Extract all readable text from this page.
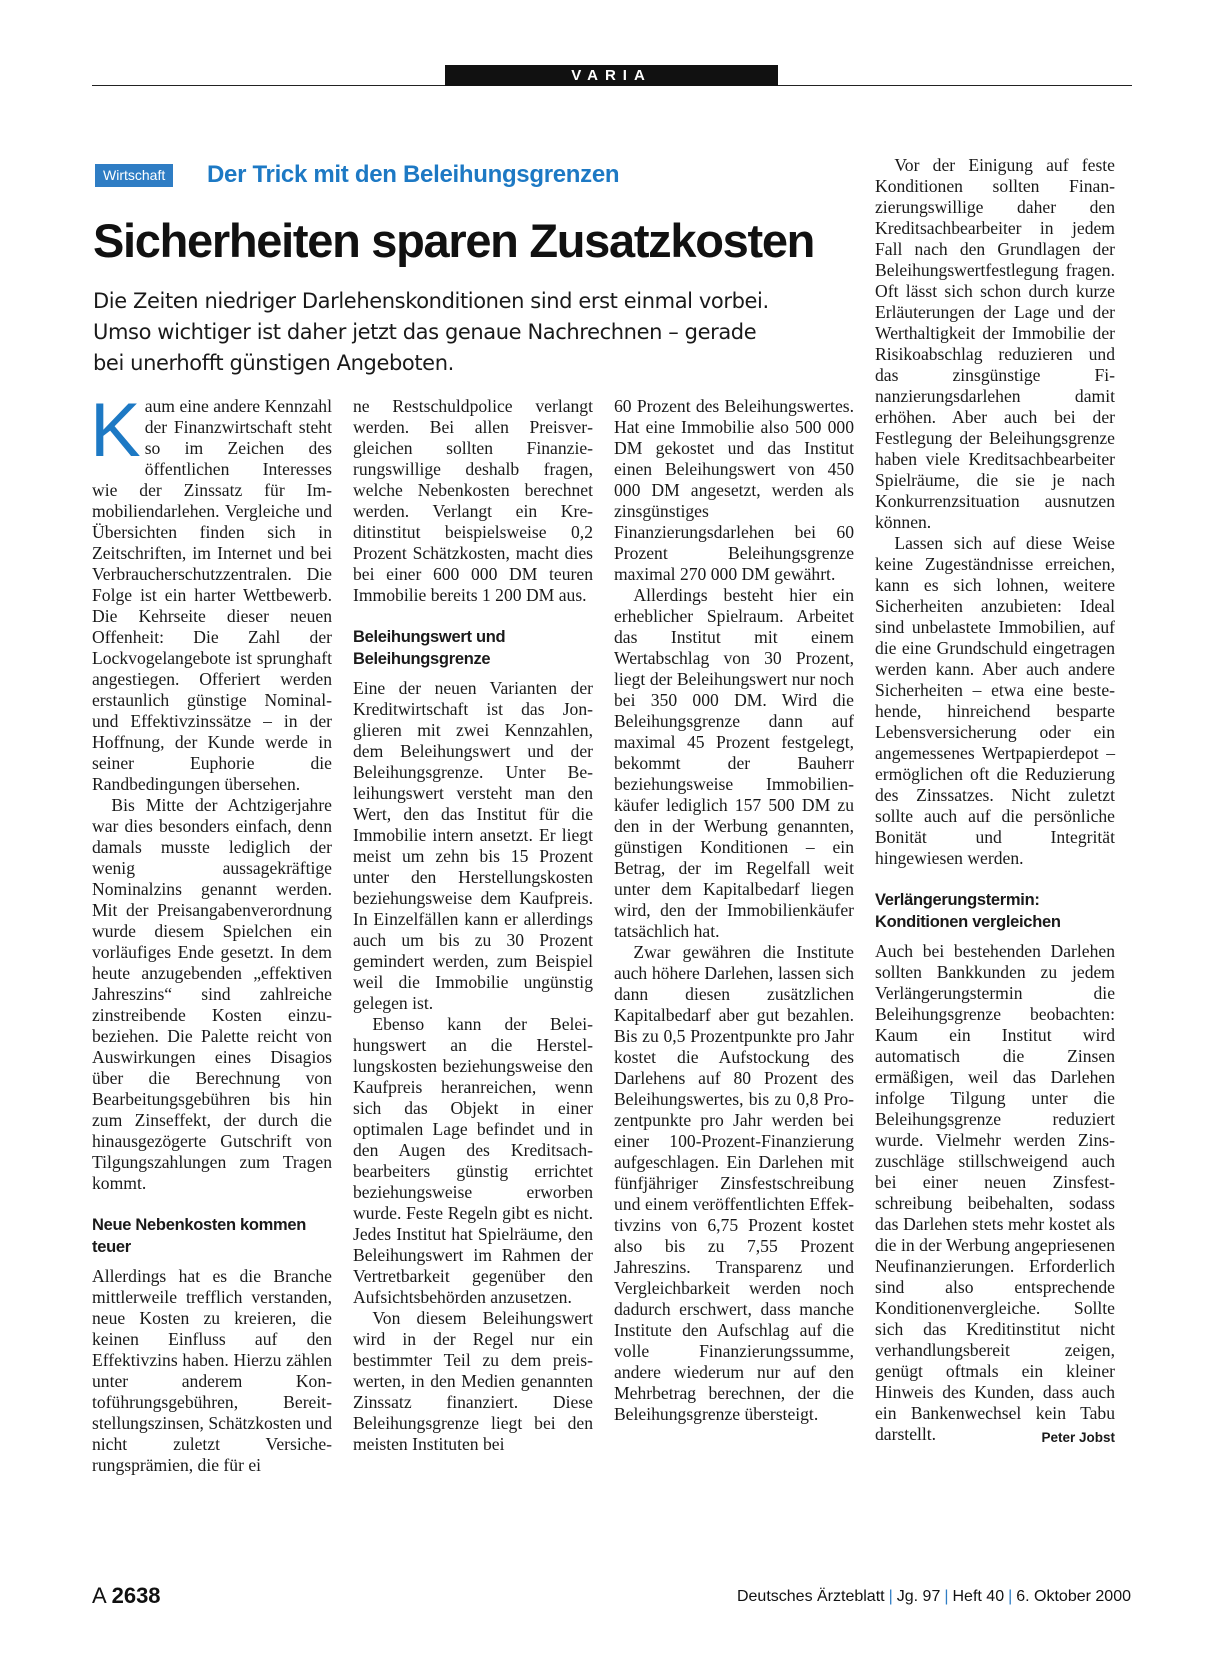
VARIA
Wirtschaft	Der Trick mit den Beleihungsgrenzen
Sicherheiten sparen Zusatzkosten
Die Zeiten niedriger Darlehenskonditionen sind erst einmal vorbei. Umso wichtiger ist daher jetzt das genaue Nachrechnen – gerade bei unerhofft günstigen Angeboten.
K aum eine andere Kennzahl der Finanzwirtschaft steht so im Zeichen des öffentlichen Interesses wie der Zinssatz für Immobiliendarlehen. Vergleiche und Übersichten finden sich in Zeitschriften, im Internet und bei Verbraucherschutzzentralen. Die Folge ist ein harter Wettbewerb. Die Kehrseite dieser neuen Offenheit: Die Zahl der Lockvogelangebote ist sprunghaft angestiegen. Offeriert werden erstaunlich günstige Nominal- und Effektivzinssätze – in der Hoffnung, der Kunde werde in seiner Euphorie die Randbedingungen übersehen.

Bis Mitte der Achtzigerjahre war dies besonders einfach, denn damals musste lediglich der wenig aussagekräftige Nominalzins genannt werden. Mit der Preisangabenverordnung wurde diesem Spielchen ein vorläufiges Ende gesetzt. In dem heute anzugebenden „effektiven Jahreszins“ sind zahlreiche zinstreibende Kosten einzubeziehen. Die Palette reicht von Auswirkungen eines Disagios über die Berechnung von Bearbeitungsgebühren bis hin zum Zinseffekt, der durch die hinausgezögerte Gutschrift von Tilgungszahlungen zum Tragen kommt.

Neue Nebenkosten kommen teuer

Allerdings hat es die Branche mittlerweile trefflich verstanden, neue Kosten zu kreieren, die keinen Einfluss auf den Effektivzins haben. Hierzu zählen unter anderem Kontoführungsgebühren, Bereitstellungszinsen, Schätzkosten und nicht zuletzt Versicherungsprämien, die für ei

ne Restschuldpolice verlangt werden. Bei allen Preisvergleichen sollten Finanzierungswillige deshalb fragen, welche Nebenkosten berechnet werden. Verlangt ein Kreditinstitut beispielsweise 0,2 Prozent Schätzkosten, macht dies bei einer 600 000 DM teuren Immobilie bereits 1 200 DM aus.

Beleihungswert und Beleihungsgrenze

Eine der neuen Varianten der Kreditwirtschaft ist das Jonglieren mit zwei Kennzahlen, dem Beleihungswert und der Beleihungsgrenze. Unter Beleihungswert versteht man den Wert, den das Institut für die Immobilie intern ansetzt. Er liegt meist um zehn bis 15 Prozent unter den Herstellungskosten beziehungsweise dem Kaufpreis. In Einzelfällen kann er allerdings auch um bis zu 30 Prozent gemindert werden, zum Beispiel weil die Immobilie ungünstig gelegen ist.

Ebenso kann der Beleihungswert an die Herstellungskosten beziehungsweise den Kaufpreis heranreichen, wenn sich das Objekt in einer optimalen Lage befindet und in den Augen des Kreditsachbearbeiters günstig errichtet beziehungsweise erworben wurde. Feste Regeln gibt es nicht. Jedes Institut hat Spielräume, den Beleihungswert im Rahmen der Vertretbarkeit gegenüber den Aufsichtsbehörden anzusetzen.

Von diesem Beleihungswert wird in der Regel nur ein bestimmter Teil zu dem preiswerten, in den Medien genannten Zinssatz finanziert. Diese Beleihungsgrenze liegt bei den meisten Instituten bei

60 Prozent des Beleihungswertes. Hat eine Immobilie also 500 000 DM gekostet und das Institut einen Beleihungswert von 450 000 DM angesetzt, werden als zinsgünstiges Finanzierungsdarlehen bei 60 Prozent Beleihungsgrenze maximal 270 000 DM gewährt.

Allerdings besteht hier ein erheblicher Spielraum. Arbeitet das Institut mit einem Wertabschlag von 30 Prozent, liegt der Beleihungswert nur noch bei 350 000 DM. Wird die Beleihungsgrenze dann auf maximal 45 Prozent festgelegt, bekommt der Bauherr beziehungsweise Immobilienkäufer lediglich 157 500 DM zu den in der Werbung genannten, günstigen Konditionen – ein Betrag, der im Regelfall weit unter dem Kapitalbedarf liegen wird, den der Immobilienkäufer tatsächlich hat.

Zwar gewähren die Institute auch höhere Darlehen, lassen sich dann diesen zusätzlichen Kapitalbedarf aber gut bezahlen. Bis zu 0,5 Prozentpunkte pro Jahr kostet die Aufstockung des Darlehens auf 80 Prozent des Beleihungswertes, bis zu 0,8 Prozentpunkte pro Jahr werden bei einer 100-Prozent-Finanzierung aufgeschlagen. Ein Darlehen mit fünfjähriger Zinsfestschreibung und einem veröffentlichten Effektivzins von 6,75 Prozent kostet also bis zu 7,55 Prozent Jahreszins. Transparenz und Vergleichbarkeit werden noch dadurch erschwert, dass manche Institute den Aufschlag auf die volle Finanzierungssumme, andere wiederum nur auf den Mehrbetrag berechnen, der die Beleihungsgrenze übersteigt.

Vor der Einigung auf feste Konditionen sollten Finanzierungswillige daher den Kreditsachbearbeiter in jedem Fall nach den Grundlagen der Beleihungswertfestlegung fragen. Oft lässt sich schon durch kurze Erläuterungen der Lage und der Werthaltigkeit der Immobilie der Risikoabschlag reduzieren und das zinsgünstige Finanzierungsdarlehen damit erhöhen. Aber auch bei der Festlegung der Beleihungsgrenze haben viele Kreditsachbearbeiter Spielräume, die sie je nach Konkurrenzsituation ausnutzen können.

Lassen sich auf diese Weise keine Zugeständnisse erreichen, kann es sich lohnen, weitere Sicherheiten anzubieten: Ideal sind unbelastete Immobilien, auf die eine Grundschuld eingetragen werden kann. Aber auch andere Sicherheiten – etwa eine bestehende, hinreichend besparte Lebensversicherung oder ein angemessenes Wertpapierdepot – ermöglichen oft die Reduzierung des Zinssatzes. Nicht zuletzt sollte auch auf die persönliche Bonität und Integrität hingewiesen werden.

Verlängerungstermin: Konditionen vergleichen

Auch bei bestehenden Darlehen sollten Bankkunden zu jedem Verlängerungstermin die Beleihungsgrenze beobachten: Kaum ein Institut wird automatisch die Zinsen ermäßigen, weil das Darlehen infolge Tilgung unter die Beleihungsgrenze reduziert wurde. Vielmehr werden Zinszuschläge stillschweigend auch bei einer neuen Zinsfestschreibung beibehalten, sodass das Darlehen stets mehr kostet als die in der Werbung angepriesenen Neufinanzierungen. Erforderlich sind also entsprechende Konditionenvergleiche. Sollte sich das Kreditinstitut nicht verhandlungsbereit zeigen, genügt oftmals ein kleiner Hinweis des Kunden, dass auch ein Bankenwechsel kein Tabu darstellt.	Peter Jobst

A 2638	Deutsches Ärzteblatt | Jg. 97 | Heft 40 | 6. Oktober 2000
